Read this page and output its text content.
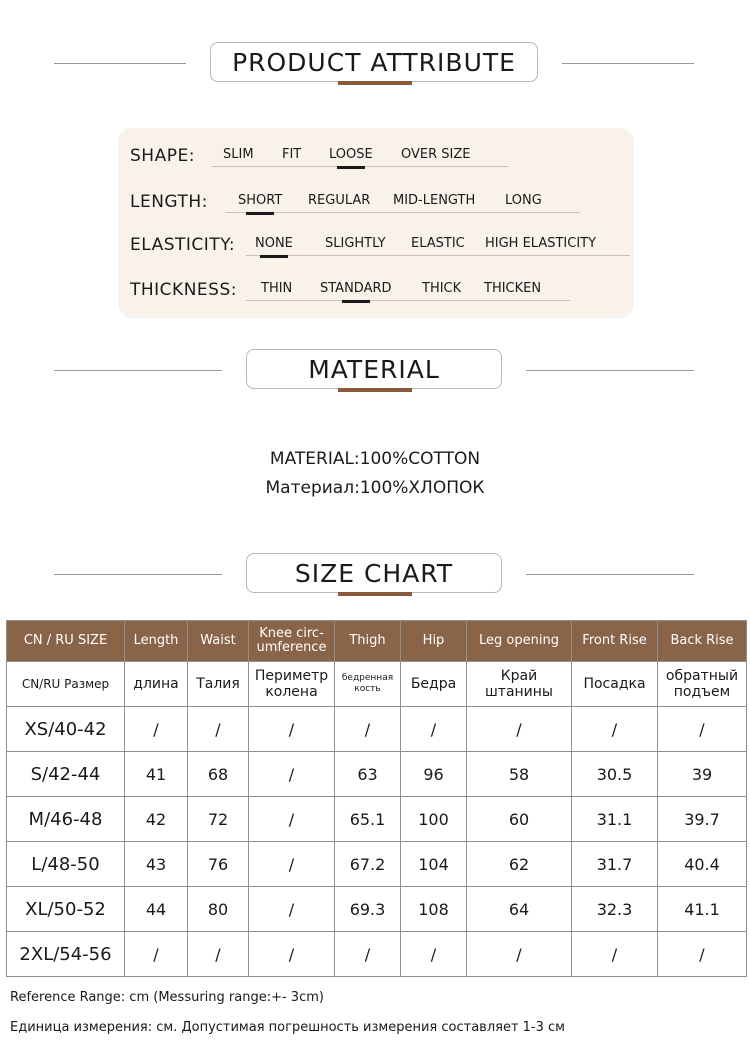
PRODUCT ATTRIBUTE
SHAPE: SLIM FIT LOOSE OVER SIZE
LENGTH: SHORT REGULAR MID-LENGTH LONG
ELASTICITY: NONE SLIGHTLY ELASTIC HIGH ELASTICITY
THICKNESS: THIN STANDARD THICK THICKEN
MATERIAL
MATERIAL:100%COTTON
Материал:100%ХЛОПОК
SIZE CHART
CN / RU SIZE	Length	Waist	Knee circ-umference	Thigh	Hip	Leg opening	Front Rise	Back Rise
CN/RU Размер	длина	Талия	Периметр колена	бедренная кость	Бедра	Край штанины	Посадка	обратный подъем
XS/40-42	/	/	/	/	/	/	/	/
S/42-44	41	68	/	63	96	58	30.5	39
M/46-48	42	72	/	65.1	100	60	31.1	39.7
L/48-50	43	76	/	67.2	104	62	31.7	40.4
XL/50-52	44	80	/	69.3	108	64	32.3	41.1
2XL/54-56	/	/	/	/	/	/	/	/
Reference Range: cm (Messuring range:+- 3cm)
Единица измерения: см. Допустимая погрешность измерения составляет 1-3 см
